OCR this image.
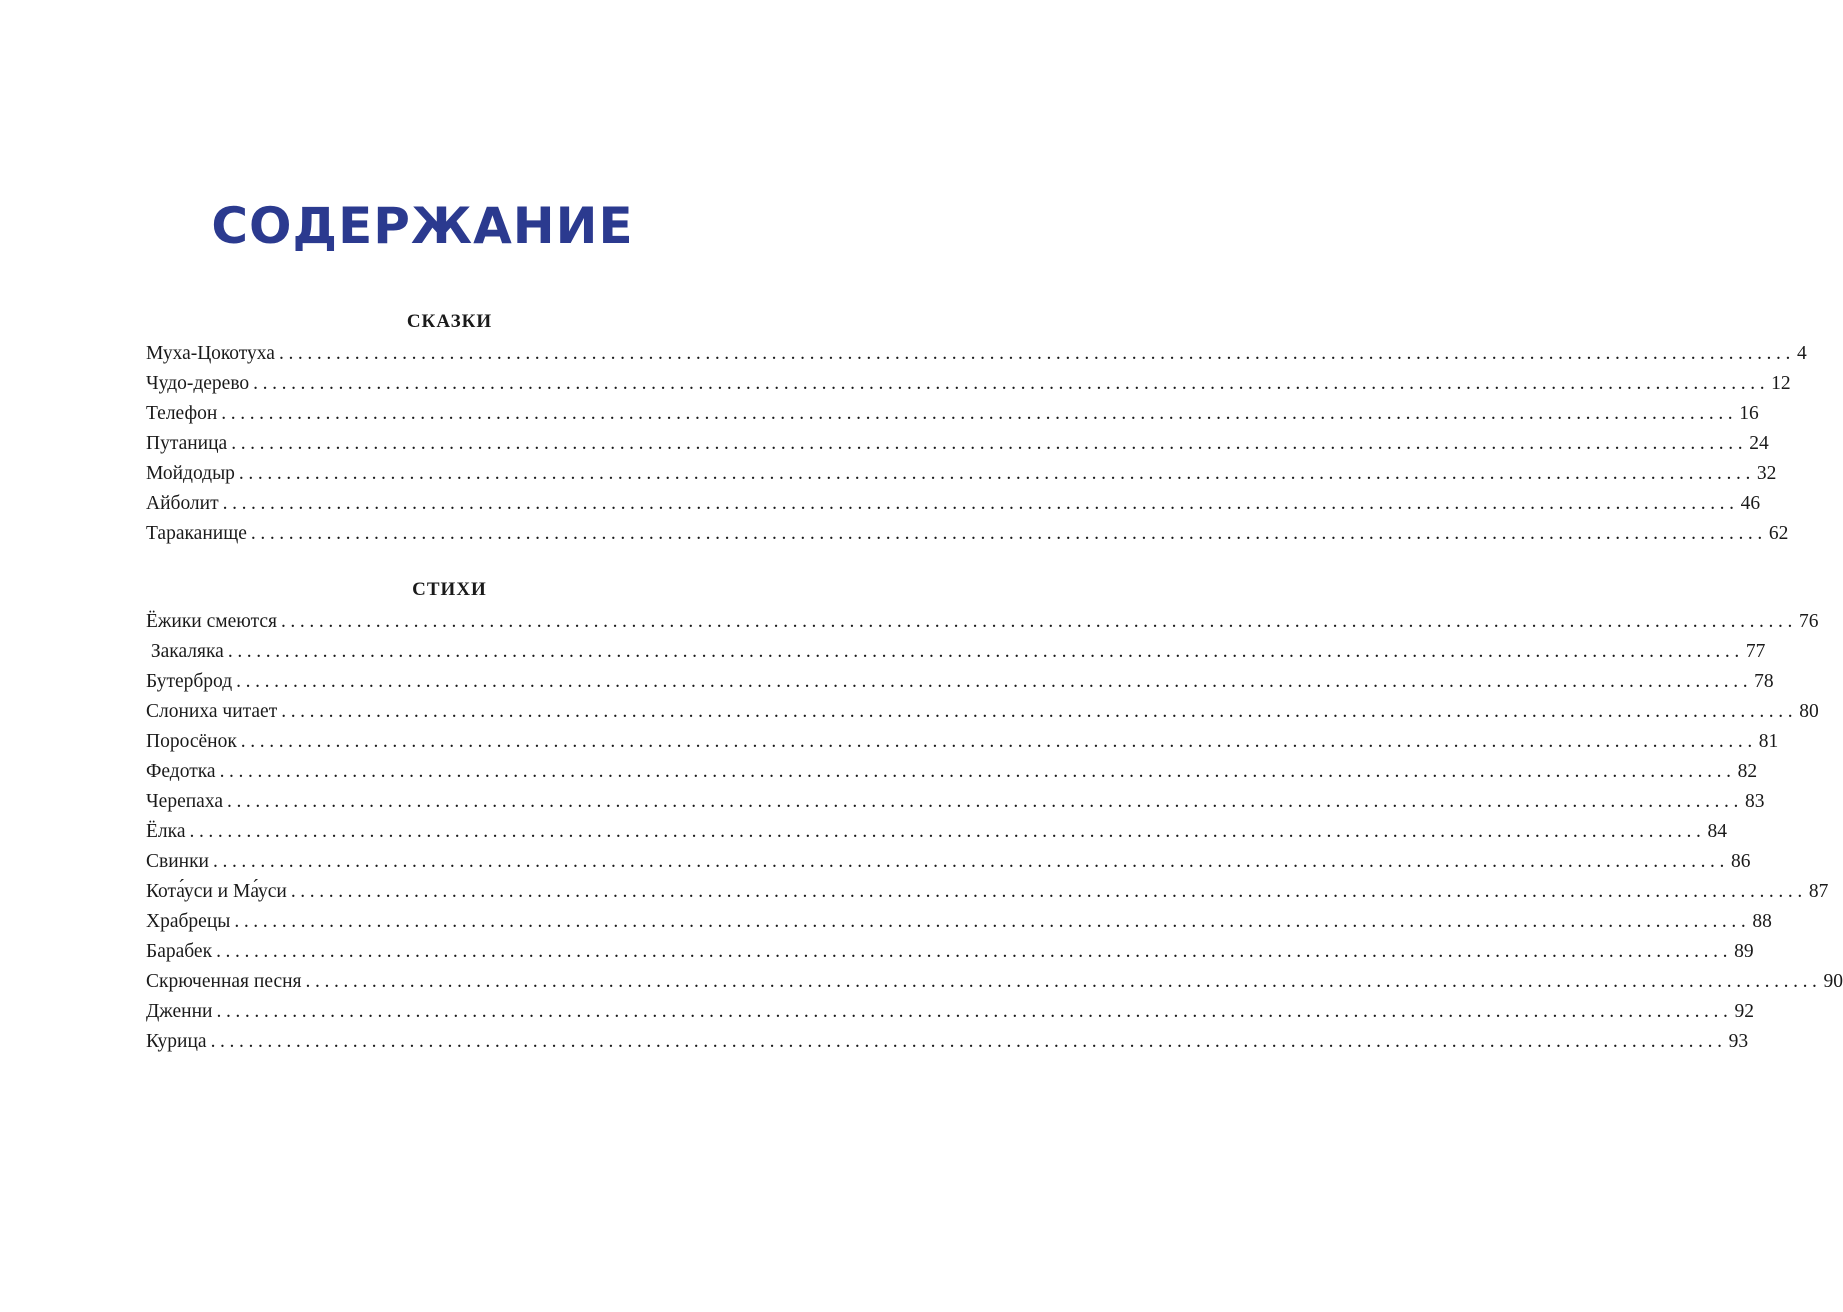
СОДЕРЖАНИЕ
СКАЗКИ
Муха-Цокотуха ................................................................................................................................................................ 4
Чудо-дерево ................................................................................................................................................................ 12
Телефон ................................................................................................................................................................ 16
Путаница ................................................................................................................................................................ 24
Мойдодыр ................................................................................................................................................................ 32
Айболит ................................................................................................................................................................ 46
Тараканище ................................................................................................................................................................ 62
СТИХИ
Ёжики смеются ................................................................................................................................................................ 76
Закаляка ................................................................................................................................................................ 77
Бутерброд ................................................................................................................................................................ 78
Слониха читает ................................................................................................................................................................ 80
Поросёнок ................................................................................................................................................................ 81
Федотка ................................................................................................................................................................ 82
Черепаха ................................................................................................................................................................ 83
Ёлка ................................................................................................................................................................ 84
Свинки ................................................................................................................................................................ 86
Кота́уси и Ма́уси ................................................................................................................................................................ 87
Храбрецы ................................................................................................................................................................ 88
Барабек ................................................................................................................................................................ 89
Скрюченная песня ................................................................................................................................................................ 90
Дженни ................................................................................................................................................................ 92
Курица ................................................................................................................................................................ 93
